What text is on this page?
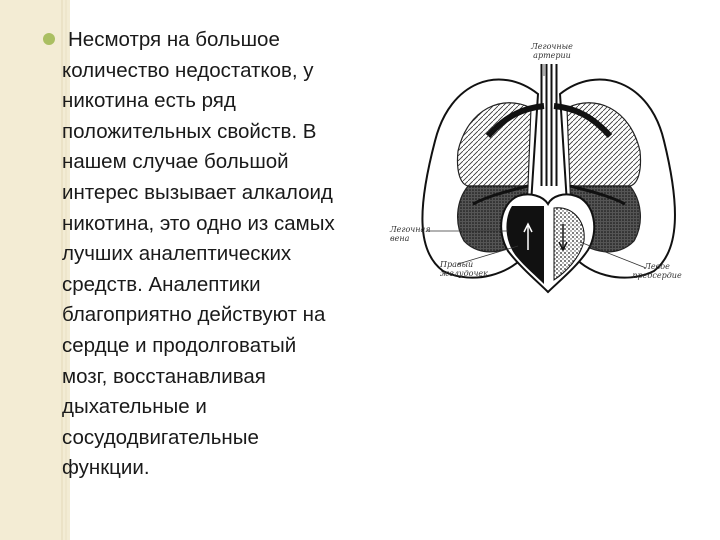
Несмотря на большое
количество недостатков, у
никотина есть ряд
положительных свойств. В
нашем случае большой
интерес вызывает алкалоид
никотина, это одно из самых
лучших аналептических
средств. Аналептики
благоприятно действуют на
сердце и продолговатый
мозг, восстанавливая
дыхательные и
сосудодвигательные
функции.
Легочные
артерии
Легочная
вена
Правый
желудочек
Левое
предсердие
